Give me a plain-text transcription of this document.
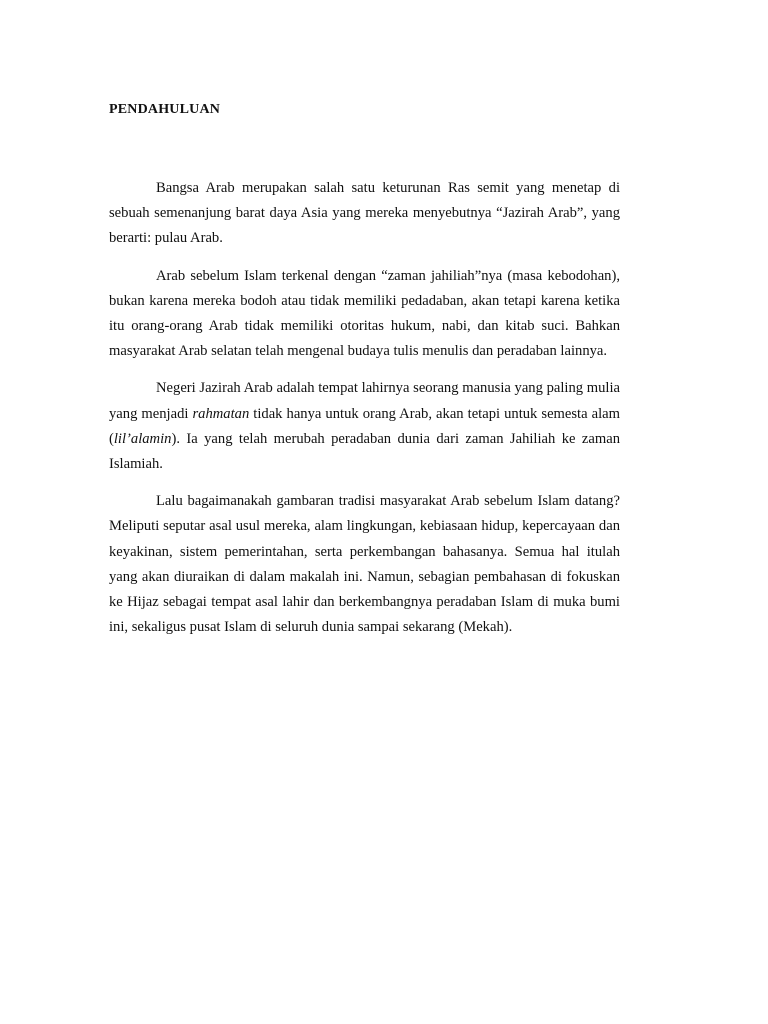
PENDAHULUAN

Bangsa Arab merupakan salah satu keturunan Ras semit yang menetap di sebuah semenanjung barat daya Asia yang mereka menyebutnya “Jazirah Arab”, yang berarti: pulau Arab.

Arab sebelum Islam terkenal dengan “zaman jahiliah”nya (masa kebodohan), bukan karena mereka bodoh atau tidak memiliki pedadaban, akan tetapi karena ketika itu orang-orang Arab tidak memiliki otoritas hukum, nabi, dan kitab suci. Bahkan masyarakat Arab selatan telah mengenal budaya tulis menulis dan peradaban lainnya.

Negeri Jazirah Arab adalah tempat lahirnya seorang manusia yang paling mulia yang menjadi rahmatan tidak hanya untuk orang Arab, akan tetapi untuk semesta alam (lil’alamin). Ia yang telah merubah peradaban dunia dari zaman Jahiliah ke zaman Islamiah.

Lalu bagaimanakah gambaran tradisi masyarakat Arab sebelum Islam datang? Meliputi seputar asal usul mereka, alam lingkungan, kebiasaan hidup, kepercayaan dan keyakinan, sistem pemerintahan, serta perkembangan bahasanya. Semua hal itulah yang akan diuraikan di dalam makalah ini. Namun, sebagian pembahasan di fokuskan ke Hijaz sebagai tempat asal lahir dan berkembangnya peradaban Islam di muka bumi ini, sekaligus pusat Islam di seluruh dunia sampai sekarang (Mekah).
